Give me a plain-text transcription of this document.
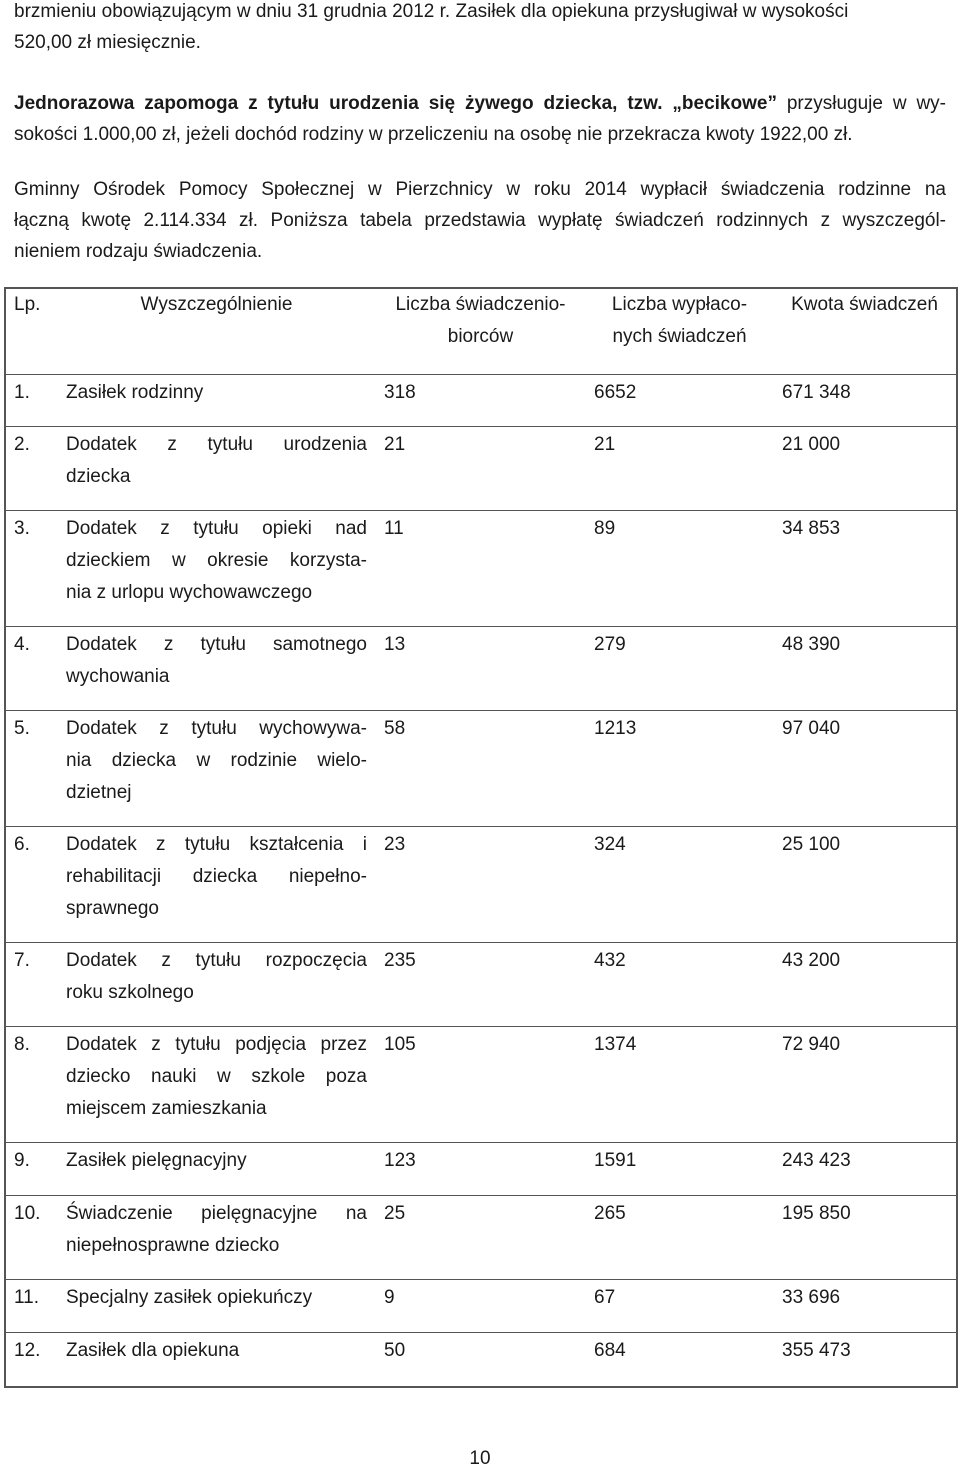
brzmieniu obowiązującym w dniu 31 grudnia 2012 r. Zasiłek dla opiekuna przysługiwał w wysokości
520,00 zł miesięcznie.

Jednorazowa zapomoga z tytułu urodzenia się żywego dziecka, tzw. „becikowe” przysługuje w wy-
sokości 1.000,00 zł, jeżeli dochód rodziny w przeliczeniu na osobę nie przekracza kwoty 1922,00 zł.

Gminny Ośrodek Pomocy Społecznej w Pierzchnicy w roku 2014 wypłacił świadczenia rodzinne na
łączną kwotę 2.114.334 zł. Poniższa tabela przedstawia wypłatę świadczeń rodzinnych z wyszczegól-
nieniem rodzaju świadczenia.

Lp.	Wyszczególnienie	Liczba świadczenio-
biorców	Liczba wypłaco-
nych świadczeń	Kwota świadczeń
1.	Zasiłek rodzinny	318	6652	671 348
2.	Dodatek z tytułu urodzenia
dziecka	21	21	21 000
3.	Dodatek z tytułu opieki nad
dzieckiem w okresie korzysta-
nia z urlopu wychowawczego	11	89	34 853
4.	Dodatek z tytułu samotnego
wychowania	13	279	48 390
5.	Dodatek z tytułu wychowywa-
nia dziecka w rodzinie wielo-
dzietnej	58	1213	97 040
6.	Dodatek z tytułu kształcenia i
rehabilitacji dziecka niepełno-
sprawnego	23	324	25 100
7.	Dodatek z tytułu rozpoczęcia
roku szkolnego	235	432	43 200
8.	Dodatek z tytułu podjęcia przez
dziecko nauki w szkole poza
miejscem zamieszkania	105	1374	72 940
9.	Zasiłek pielęgnacyjny	123	1591	243 423
10.	Świadczenie pielęgnacyjne na
niepełnosprawne dziecko	25	265	195 850
11.	Specjalny zasiłek opiekuńczy	9	67	33 696
12.	Zasiłek dla opiekuna	50	684	355 473
10
